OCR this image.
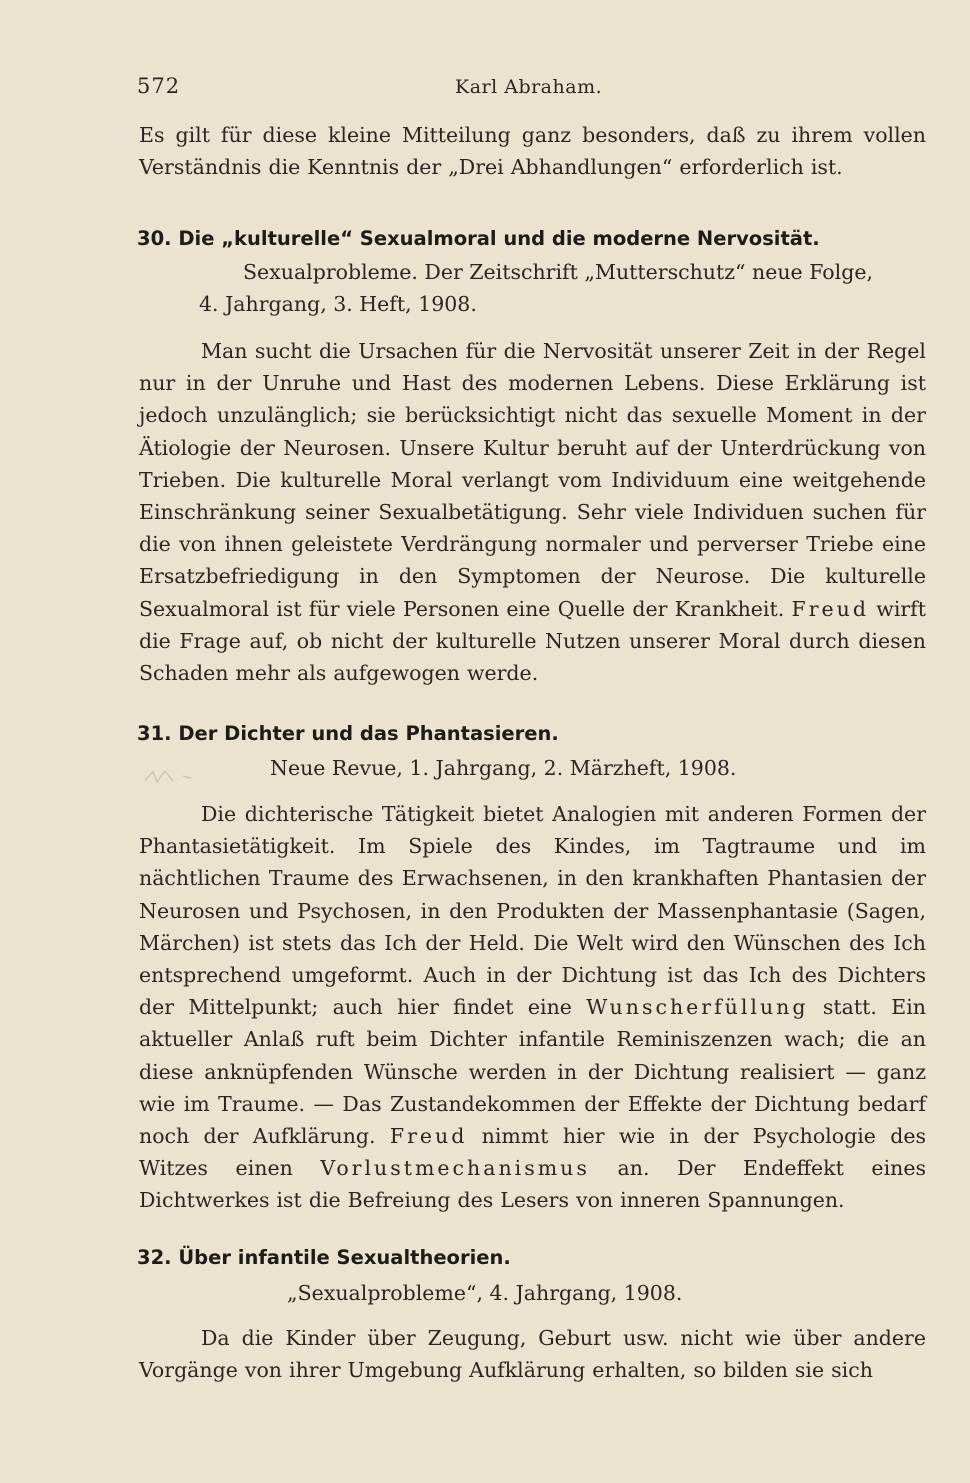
572	Karl Abraham.

Es gilt für diese kleine Mitteilung ganz besonders, daß zu ihrem vollen Verständnis die Kenntnis der „Drei Abhandlungen“ erforderlich ist.

30. Die „kulturelle“ Sexualmoral und die moderne Nervosität.
Sexualprobleme. Der Zeitschrift „Mutterschutz“ neue Folge,
4. Jahrgang, 3. Heft, 1908.

Man sucht die Ursachen für die Nervosität unserer Zeit in der Regel nur in der Unruhe und Hast des modernen Lebens. Diese Erklärung ist jedoch unzulänglich; sie berücksichtigt nicht das sexuelle Moment in der Ätiologie der Neurosen. Unsere Kultur beruht auf der Unterdrückung von Trieben. Die kulturelle Moral verlangt vom Individuum eine weitgehende Einschränkung seiner Sexualbetätigung. Sehr viele Individuen suchen für die von ihnen geleistete Verdrängung normaler und perverser Triebe eine Ersatzbefriedigung in den Symptomen der Neurose. Die kulturelle Sexualmoral ist für viele Personen eine Quelle der Krankheit. Freud wirft die Frage auf, ob nicht der kulturelle Nutzen unserer Moral durch diesen Schaden mehr als aufgewogen werde.

31. Der Dichter und das Phantasieren.
Neue Revue, 1. Jahrgang, 2. Märzheft, 1908.

Die dichterische Tätigkeit bietet Analogien mit anderen Formen der Phantasietätigkeit. Im Spiele des Kindes, im Tagtraume und im nächtlichen Traume des Erwachsenen, in den krankhaften Phantasien der Neurosen und Psychosen, in den Produkten der Massenphantasie (Sagen, Märchen) ist stets das Ich der Held. Die Welt wird den Wünschen des Ich entsprechend umgeformt. Auch in der Dichtung ist das Ich des Dichters der Mittelpunkt; auch hier findet eine Wunscherfüllung statt. Ein aktueller Anlaß ruft beim Dichter infantile Reminiszenzen wach; die an diese anknüpfenden Wünsche werden in der Dichtung realisiert — ganz wie im Traume. — Das Zustandekommen der Effekte der Dichtung bedarf noch der Aufklärung. Freud nimmt hier wie in der Psychologie des Witzes einen Vorlustmechanismus an. Der Endeffekt eines Dichtwerkes ist die Befreiung des Lesers von inneren Spannungen.

32. Über infantile Sexualtheorien.
„Sexualprobleme“, 4. Jahrgang, 1908.

Da die Kinder über Zeugung, Geburt usw. nicht wie über andere Vorgänge von ihrer Umgebung Aufklärung erhalten, so bilden sie sich
